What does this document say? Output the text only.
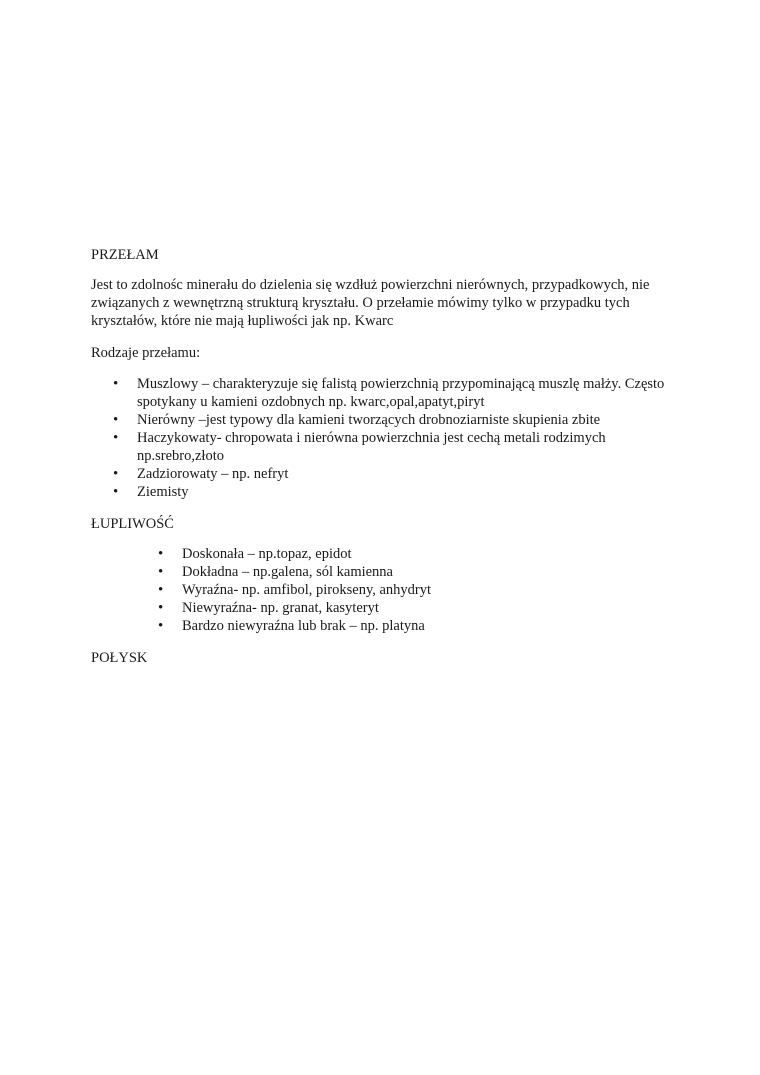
PRZEŁAM

Jest to zdolnośc minerału do dzielenia się wzdłuż powierzchni nierównych, przypadkowych, nie związanych z wewnętrzną strukturą kryształu. O przełamie mówimy tylko w przypadku tych kryształów, które nie mają łupliwości jak np. Kwarc

Rodzaje przełamu:

• Muszlowy – charakteryzuje się falistą powierzchnią przypominającą muszlę małży. Często spotykany u kamieni ozdobnych np. kwarc,opal,apatyt,piryt
• Nierówny –jest typowy dla kamieni tworzących drobnoziarniste skupienia zbite
• Haczykowaty- chropowata i nierówna powierzchnia jest cechą metali rodzimych np.srebro,złoto
• Zadziorowaty – np. nefryt
• Ziemisty

ŁUPLIWOŚĆ

• Doskonała – np.topaz, epidot
• Dokładna – np.galena, sól kamienna
• Wyraźna- np. amfibol, pirokseny, anhydryt
• Niewyraźna- np. granat, kasyteryt
• Bardzo niewyraźna lub brak – np. platyna

POŁYSK
